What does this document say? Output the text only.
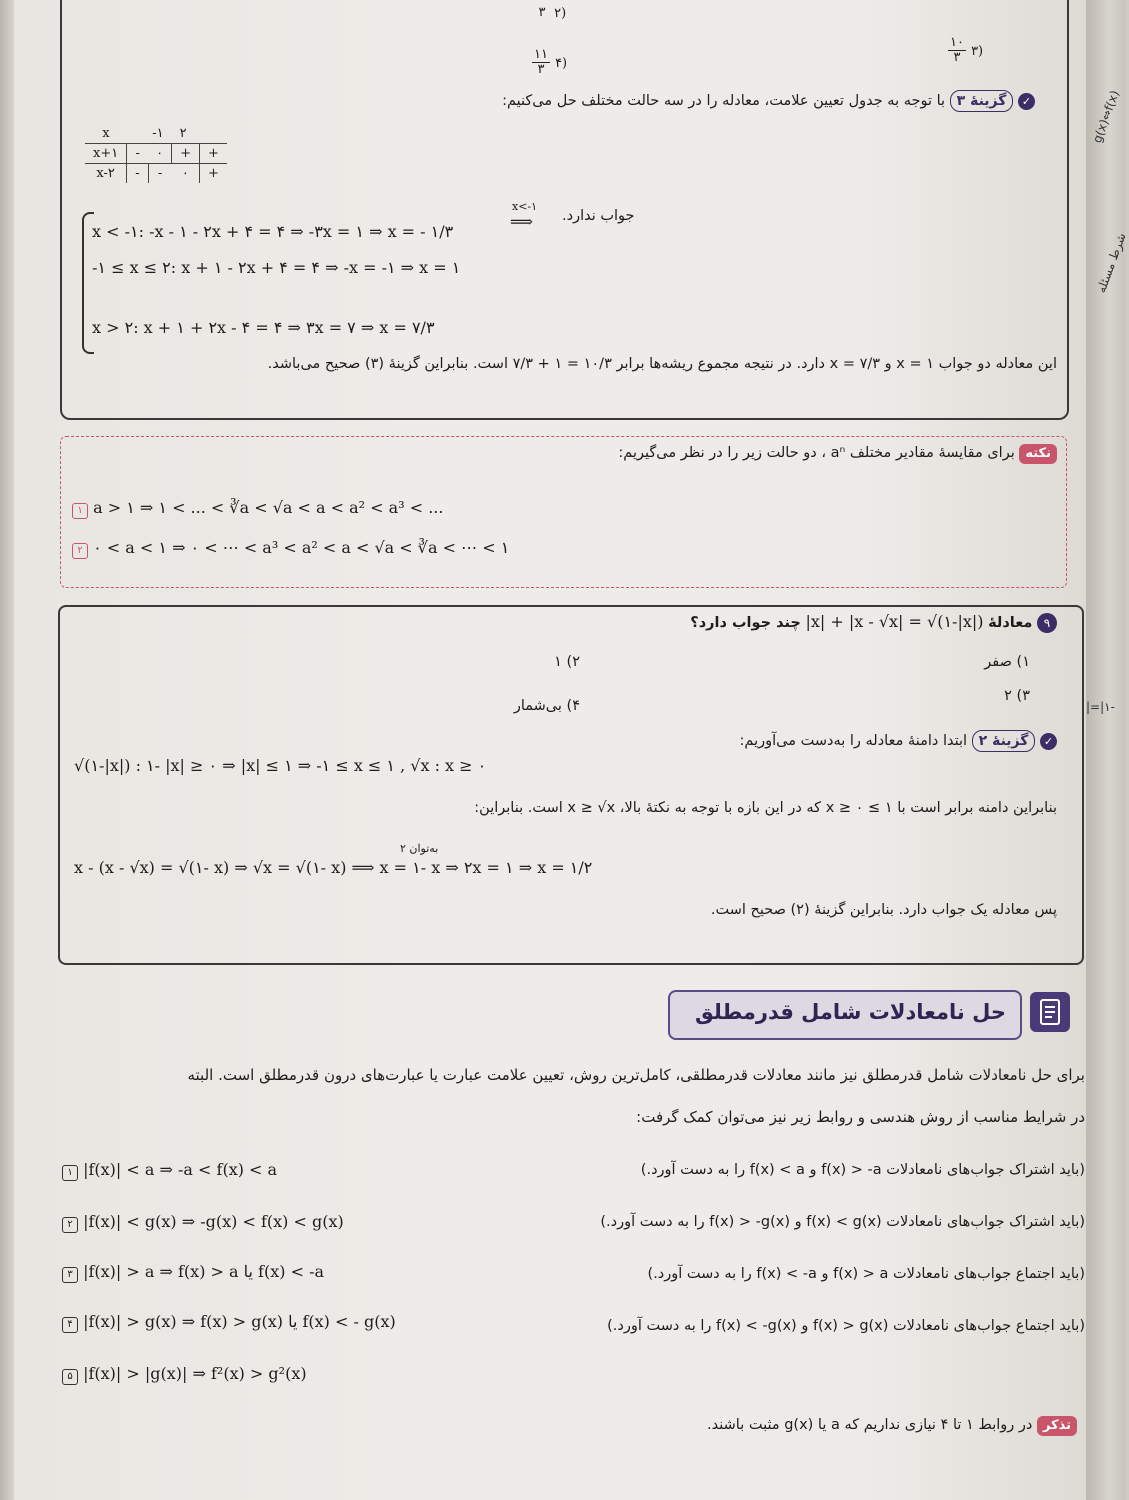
g(x)⇔f(x)
شرط مسئله
|=|۱-
۳ ۲)
$\frac{۱۱}{۳}$ ۴)	$\frac{۱۰}{۳}$ ۳)
✓ گزینهٔ ۳ با توجه به جدول تعیین علامت، معادله را در سه حالت مختلف حل می‌کنیم:
x	-۱		۲	
x+۱	-	۰	+	+
x-۲	-	-	۰	+
x < -۱: -x - ۱ - ۲x + ۴ = ۴ ⇒ -۳x = ۱ ⇒ x = - ۱/۳
x<-۱
⟹ جواب ندارد.
-۱ ≤ x ≤ ۲: x + ۱ - ۲x + ۴ = ۴ ⇒ -x = -۱ ⇒ x = ۱
x > ۲: x + ۱ + ۲x - ۴ = ۴ ⇒ ۳x = ۷ ⇒ x = ۷/۳
این معادله دو جواب x = ۱ و x = ۷/۳ دارد. در نتیجه مجموع ریشه‌ها برابر ۱۰/۳ = ۱ + ۷/۳ است. بنابراین گزینهٔ (۳) صحیح می‌باشد.
نکته برای مقایسهٔ مقادیر مختلف aⁿ ، دو حالت زیر را در نظر می‌گیریم:
۱ a > ۱ ⇒ ۱ < ... < ∛a < √a < a < a² < a³ < ...
۲ ۰ < a < ۱ ⇒ ۰ < ⋯ < a³ < a² < a < √a < ∛a < ⋯ < ۱
۹ معادلهٔ |x| + |x - √x| = √(۱-|x|) چند جواب دارد؟
۱) صفر
۲) ۱
۳) ۲
۴) بی‌شمار
✓ گزینهٔ ۲ ابتدا دامنهٔ معادله را به‌دست می‌آوریم:
√(۱-|x|) : ۱- |x| ≥ ۰ ⇒ |x| ≤ ۱ ⇒ -۱ ≤ x ≤ ۱ , √x : x ≥ ۰
بنابراین دامنه برابر است با ۱ ≥ x ≥ ۰ که در این بازه با توجه به نکتهٔ بالا، x ≥ √x است. بنابراین:
به‌توان ۲
x - (x - √x) = √(۱- x) ⇒ √x = √(۱- x) ⟹ x = ۱- x ⇒ ۲x = ۱ ⇒ x = ۱/۲
پس معادله یک جواب دارد. بنابراین گزینهٔ (۲) صحیح است.
حل نامعادلات شامل قدرمطلق
برای حل نامعادلات شامل قدرمطلق نیز مانند معادلات قدرمطلقی، کامل‌ترین روش، تعیین علامت عبارت یا عبارت‌های درون قدرمطلق است. البته
در شرایط مناسب از روش هندسی و روابط زیر نیز می‌توان کمک گرفت:
۱ |f(x)| < a ⇒ -a < f(x) < a	(باید اشتراک جواب‌های نامعادلات f(x) > -a و f(x) < a را به دست آورد.)
۲ |f(x)| < g(x) ⇒ -g(x) < f(x) < g(x)	(باید اشتراک جواب‌های نامعادلات f(x) < g(x) و f(x) > -g(x) را به دست آورد.)
۳ |f(x)| > a ⇒ f(x) > a یا f(x) < -a	(باید اجتماع جواب‌های نامعادلات f(x) > a و f(x) < -a را به دست آورد.)
۴ |f(x)| > g(x) ⇒ f(x) > g(x) یا f(x) < - g(x)	(باید اجتماع جواب‌های نامعادلات f(x) > g(x) و f(x) < -g(x) را به دست آورد.)
۵ |f(x)| > |g(x)| ⇒ f²(x) > g²(x)
تذکر در روابط ۱ تا ۴ نیازی نداریم که a یا g(x) مثبت باشند.
